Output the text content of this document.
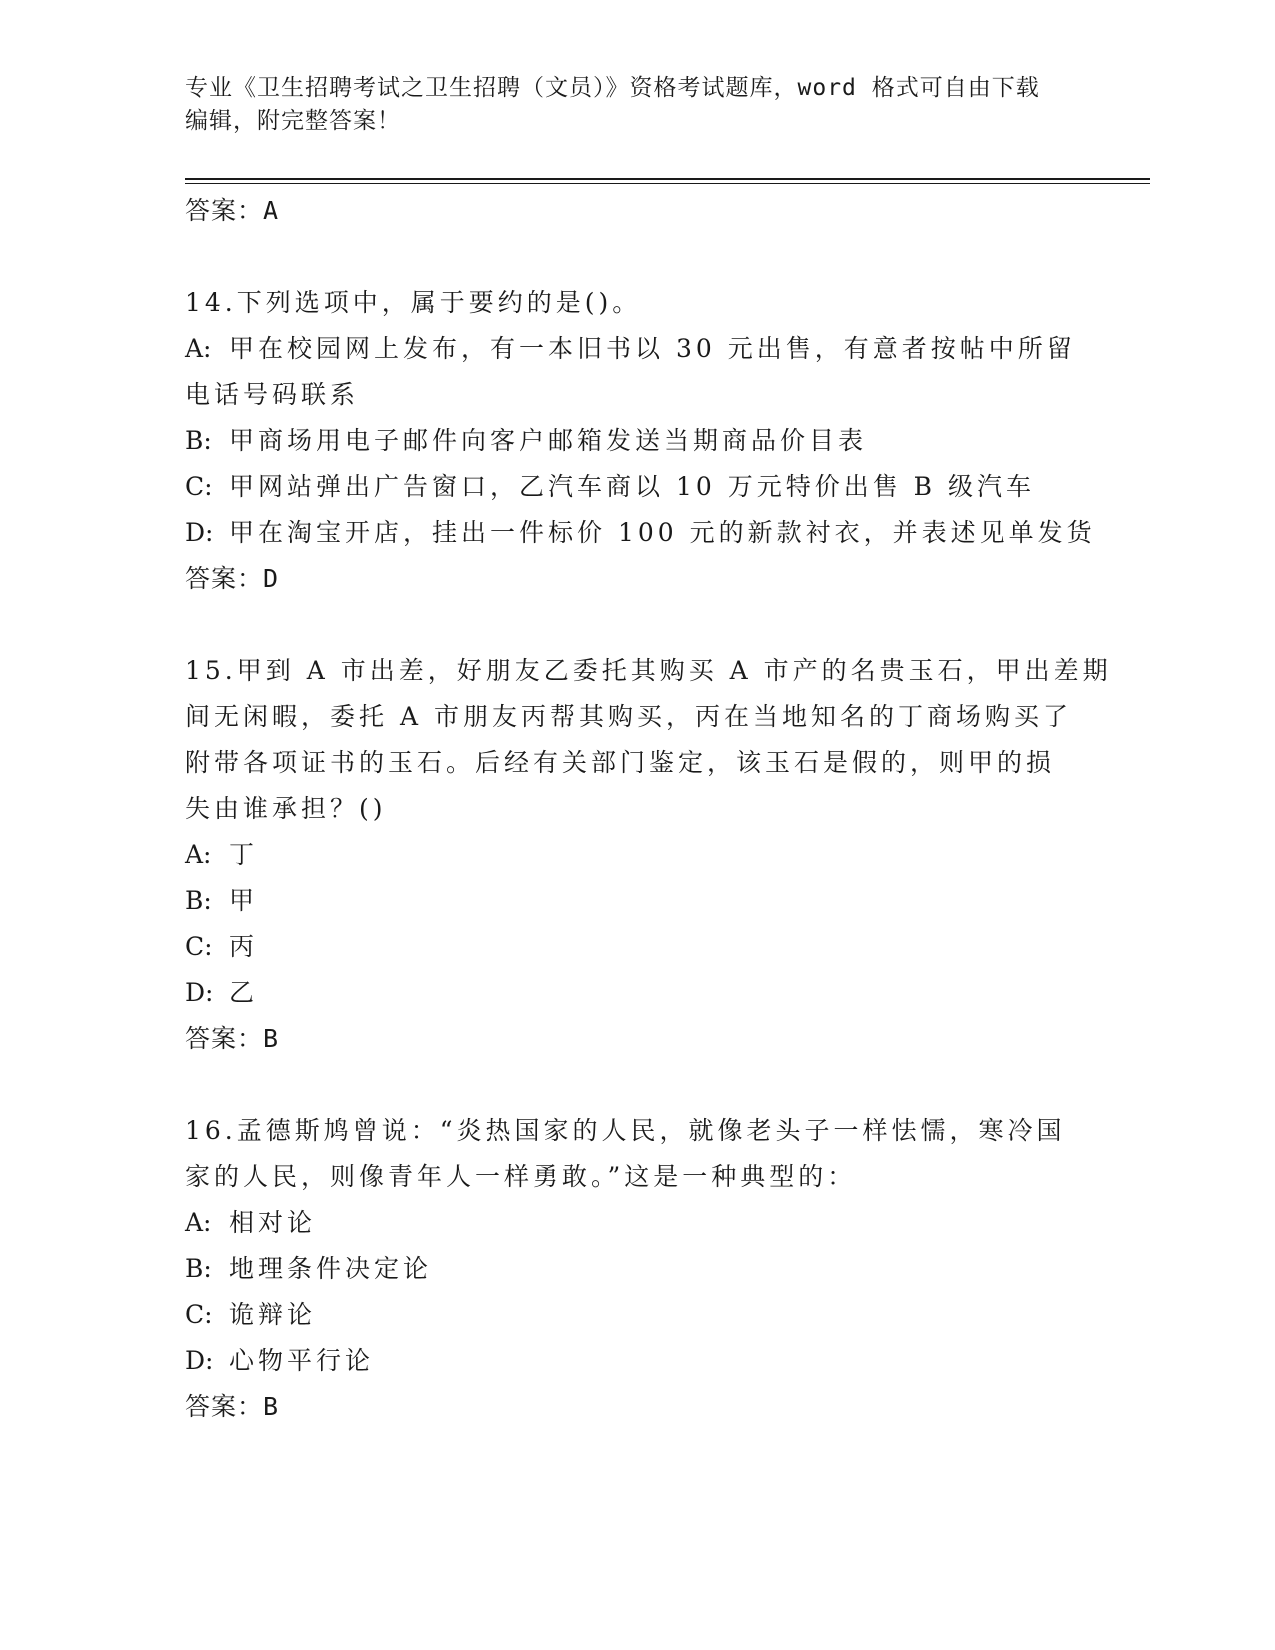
专业《卫生招聘考试之卫生招聘（文员）》资格考试题库，word 格式可自由下载
编辑，附完整答案！
答案：A
14.下列选项中，属于要约的是()。
A: 甲在校园网上发布，有一本旧书以 30 元出售，有意者按帖中所留
电话号码联系
B: 甲商场用电子邮件向客户邮箱发送当期商品价目表
C: 甲网站弹出广告窗口，乙汽车商以 10 万元特价出售 B 级汽车
D: 甲在淘宝开店，挂出一件标价 100 元的新款衬衣，并表述见单发货
答案：D
15.甲到 A 市出差，好朋友乙委托其购买 A 市产的名贵玉石，甲出差期
间无闲暇，委托 A 市朋友丙帮其购买，丙在当地知名的丁商场购买了
附带各项证书的玉石。后经有关部门鉴定，该玉石是假的，则甲的损
失由谁承担？()
A: 丁
B: 甲
C: 丙
D: 乙
答案：B
16.孟德斯鸠曾说：“炎热国家的人民，就像老头子一样怯懦，寒冷国
家的人民，则像青年人一样勇敢。”这是一种典型的：
A: 相对论
B: 地理条件决定论
C: 诡辩论
D: 心物平行论
答案：B
